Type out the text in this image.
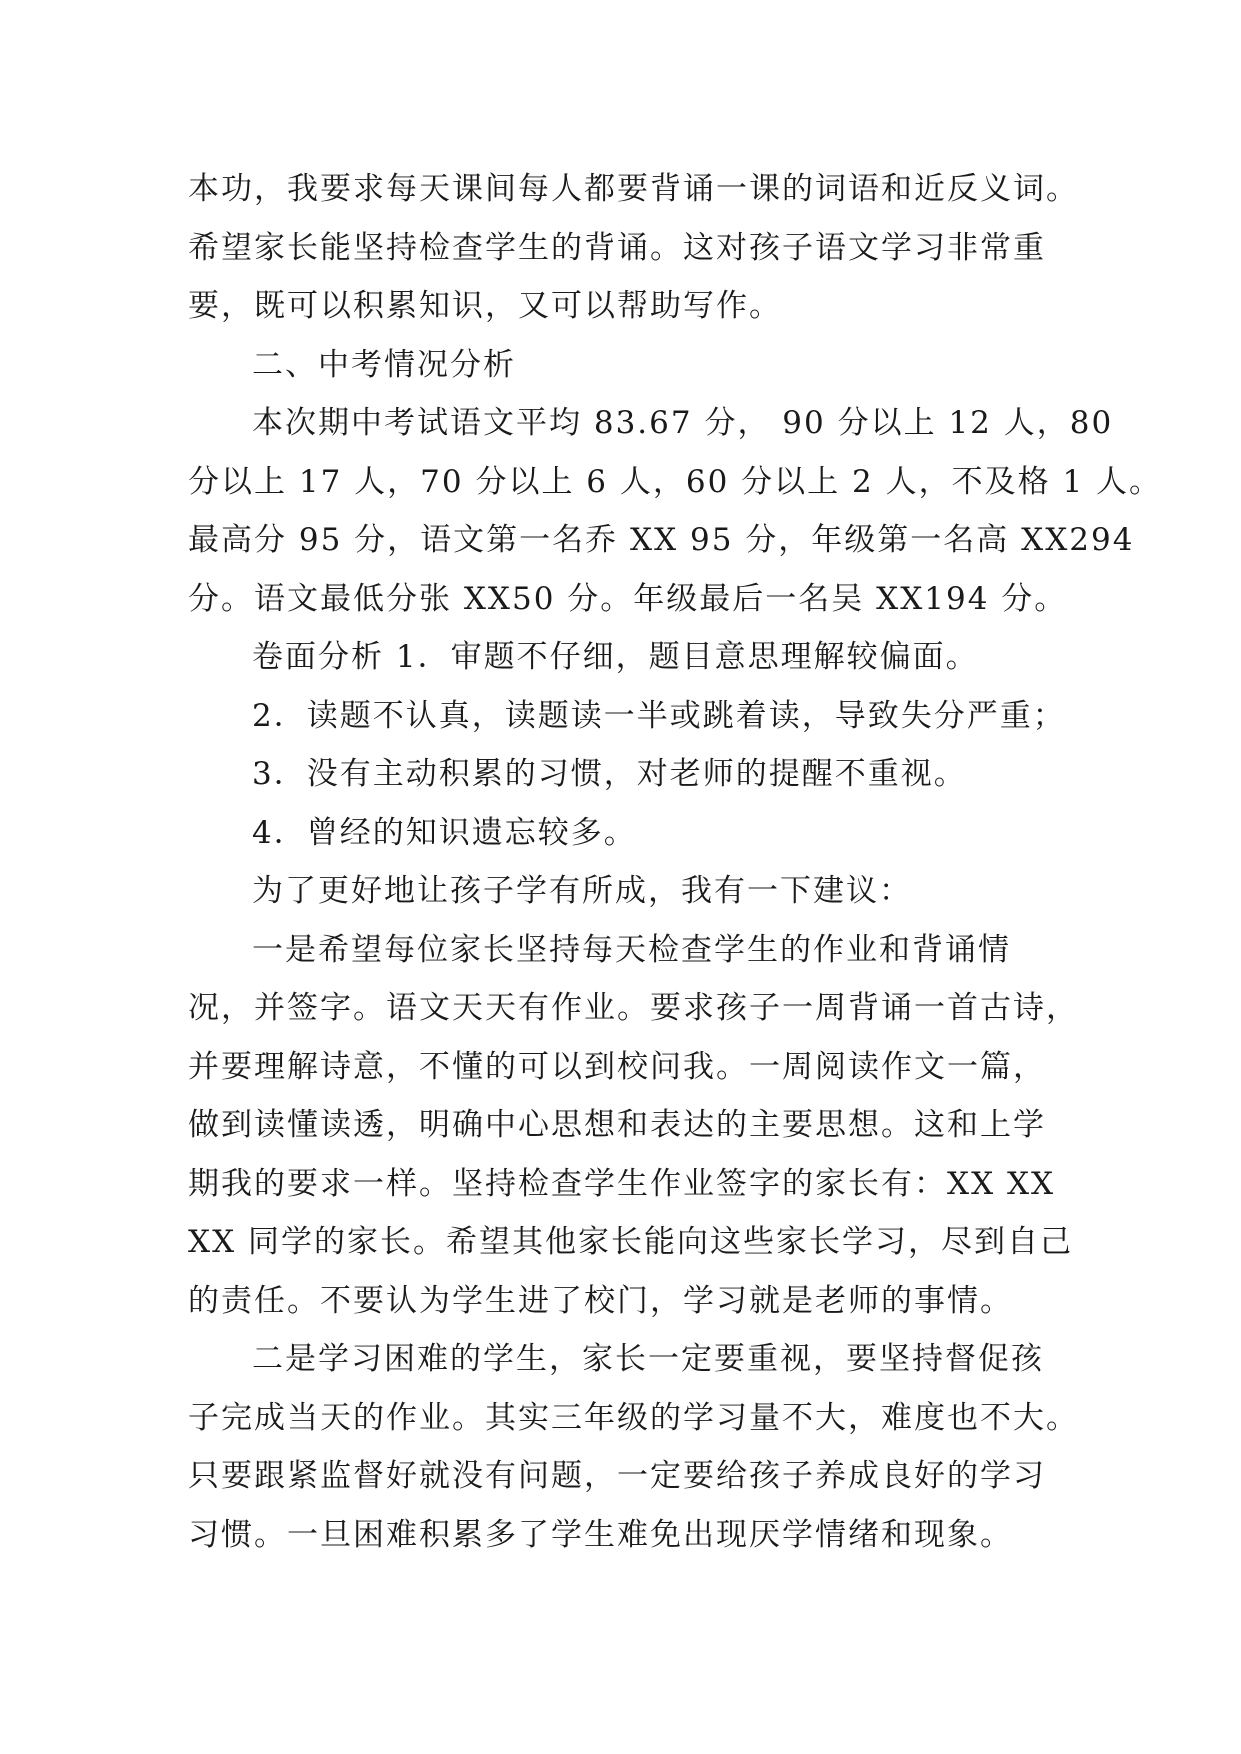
本功，我要求每天课间每人都要背诵一课的词语和近反义词。
希望家长能坚持检查学生的背诵。这对孩子语文学习非常重
要，既可以积累知识，又可以帮助写作。
二、中考情况分析
本次期中考试语文平均 83.67 分， 90 分以上 12 人，80
分以上 17 人，70 分以上 6 人，60 分以上 2 人，不及格 1 人。
最高分 95 分，语文第一名乔 XX 95 分，年级第一名高 XX294
分。语文最低分张 XX50 分。年级最后一名吴 XX194 分。
卷面分析 1．审题不仔细，题目意思理解较偏面。
2．读题不认真，读题读一半或跳着读，导致失分严重；
3．没有主动积累的习惯，对老师的提醒不重视。
4．曾经的知识遗忘较多。
为了更好地让孩子学有所成，我有一下建议：
一是希望每位家长坚持每天检查学生的作业和背诵情
况，并签字。语文天天有作业。要求孩子一周背诵一首古诗，
并要理解诗意，不懂的可以到校问我。一周阅读作文一篇，
做到读懂读透，明确中心思想和表达的主要思想。这和上学
期我的要求一样。坚持检查学生作业签字的家长有：XX XX
XX 同学的家长。希望其他家长能向这些家长学习，尽到自己
的责任。不要认为学生进了校门，学习就是老师的事情。
二是学习困难的学生，家长一定要重视，要坚持督促孩
子完成当天的作业。其实三年级的学习量不大，难度也不大。
只要跟紧监督好就没有问题，一定要给孩子养成良好的学习
习惯。一旦困难积累多了学生难免出现厌学情绪和现象。
